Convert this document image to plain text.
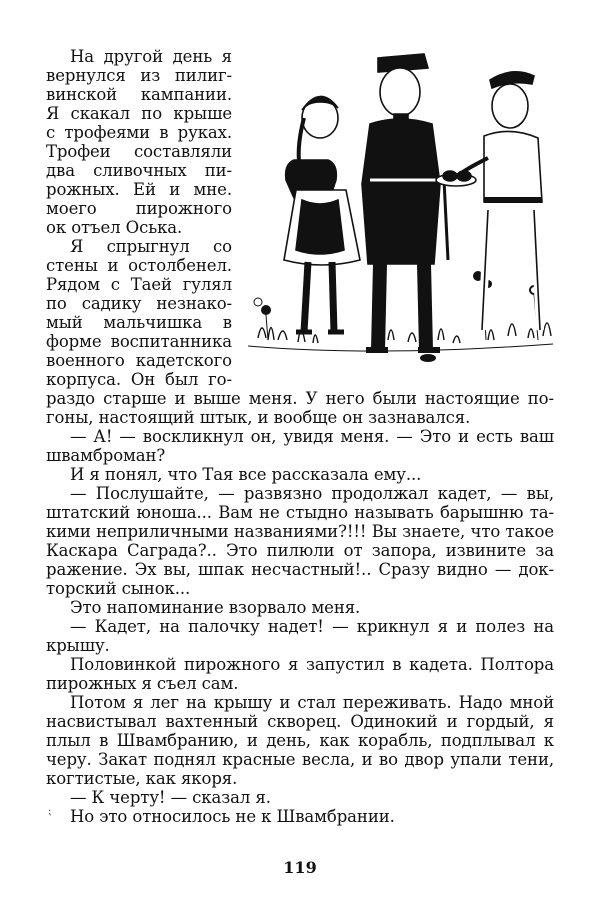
На другой день я
вернулся из пилиг-
винской кампании.
Я скакал по крыше
с трофеями в руках.
Трофеи составляли
два сливочных пи-
рожных. Ей и мне.
моего пирожного
ок отъел Оська.
Я спрыгнул со
стены и остолбенел.
Рядом с Таей гулял
по садику незнако-
мый мальчишка в
форме воспитанника
военного кадетского
корпуса. Он был го-
раздо старше и выше меня. У него были настоящие по-
гоны, настоящий штык, и вообще он зазнавался.
— А! — воскликнул он, увидя меня. — Это и есть ваш
швамброман?
И я понял, что Тая все рассказала ему...
— Послушайте, — развязно продолжал кадет, — вы,
штатский юноша... Вам не стыдно называть барышню та-
кими неприличными названиями?!!! Вы знаете, что такое
Каскара Саграда?.. Это пилюли от запора, извините за
ражение. Эх вы, шпак несчастный!.. Сразу видно — док-
торский сынок...
Это напоминание взорвало меня.
— Кадет, на палочку надет! — крикнул я и полез на
крышу.
Половинкой пирожного я запустил в кадета. Полтора
пирожных я съел сам.
Потом я лег на крышу и стал переживать. Надо мной
насвистывал вахтенный скворец. Одинокий и гордый, я
плыл в Швамбранию, и день, как корабль, подплывал к
черу. Закат поднял красные весла, и во двор упали тени,
когтистые, как якоря.
— К черту! — сказал я.
Но это относилось не к Швамбрании.
⁏
119
